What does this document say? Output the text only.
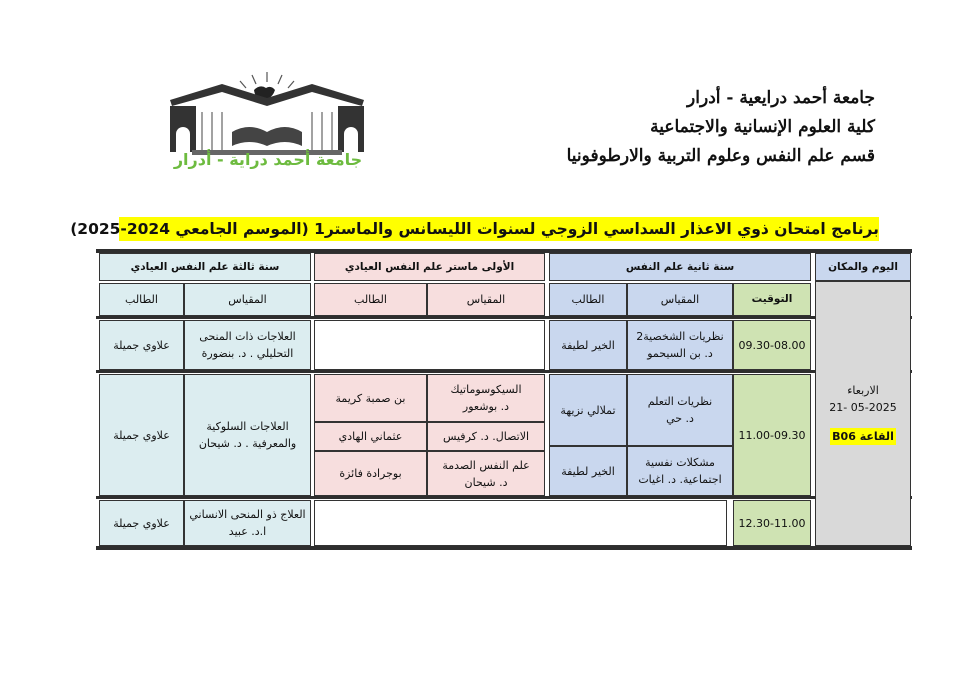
جامعة أحمد دراية - أدرار
جامعة أحمد درايعية - أدرار
كلية العلوم الإنسانية والاجتماعية
قسم علم النفس وعلوم التربية والارطوفونيا
برنامج امتحان ذوي الاعذار السداسي الزوجي لسنوات الليسانس والماستر1 (الموسم الجامعي 2024-2025)
اليوم والمكان
الاربعاء
21- 05-2025
القاعة B06
سنة ثانية علم النفس
الأولى ماستر علم النفس العيادي
سنة ثالثة علم النفس العيادي
التوقيت
المقياس
الطالب
المقياس
الطالب
المقياس
الطالب
09.30-08.00
نظريات الشخصية2
د. بن السيحمو
الخير لطيفة
العلاجات ذات المنحى
التحليلي . د. بنضورة
علاوي جميلة
11.00-09.30
نظريات التعلم
د. حي
تملالي نزيهة
مشكلات نفسية
اجتماعية. د. اغيات
الخير لطيفة
السيكوسوماتيك
د. بوشعور
بن صمبة كريمة
الاتصال. د. كرفيس
عثماني الهادي
علم النفس الصدمة
د. شيحان
بوجرادة فائزة
العلاجات السلوكية
والمعرفية . د. شيحان
علاوي جميلة
12.30-11.00
العلاج ذو المنحى الانساني
ا.د. عبيد
علاوي جميلة
